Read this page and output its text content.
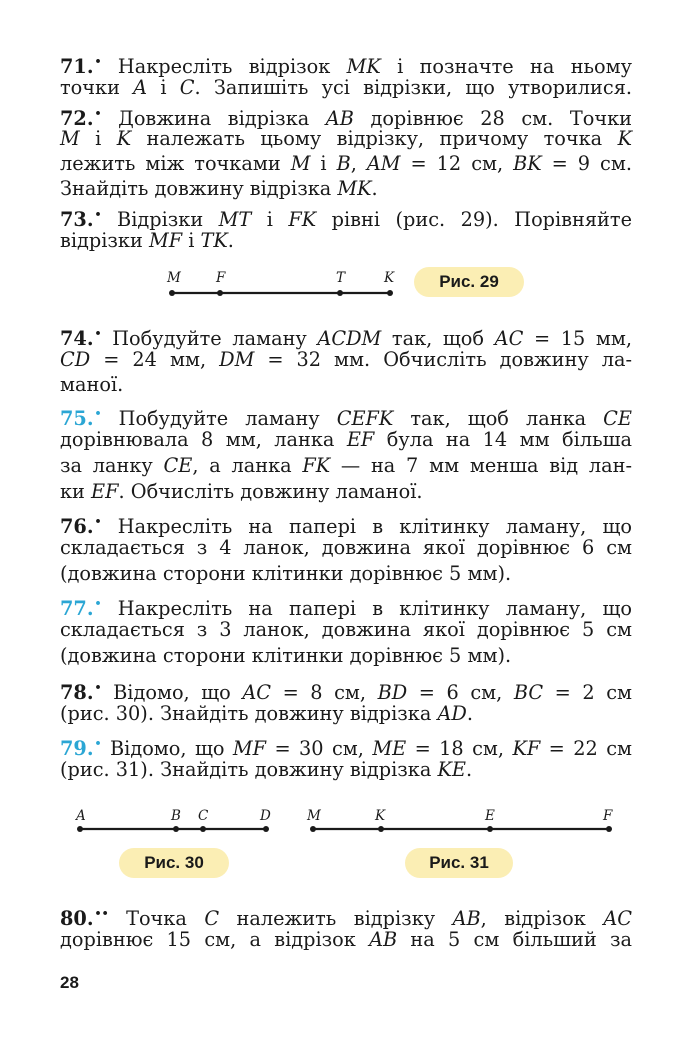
71.• Накресліть відрізок MK і позначте на ньому
точки A і C. Запишіть усі відрізки, що утворилися.
72.• Довжина відрізка AB дорівнює 28 см. Точки
M і K належать цьому відрізку, причому точка K
лежить між точками M і B, AM = 12 см, BK = 9 см.
Знайдіть довжину відрізка MK.
73.• Відрізки MT і FK рівні (рис. 29). Порівняйте
відрізки MF і TK.
M	F	T	K	Рис. 29
74.• Побудуйте ламану ACDM так, щоб AC = 15 мм,
CD = 24 мм, DM = 32 мм. Обчисліть довжину ла-
маної.
75.• Побудуйте ламану CEFK так, щоб ланка CE
дорівнювала 8 мм, ланка EF була на 14 мм більша
за ланку CE, а ланка FK — на 7 мм менша від лан-
ки EF. Обчисліть довжину ламаної.
76.• Накресліть на папері в клітинку ламану, що
складається з 4 ланок, довжина якої дорівнює 6 см
(довжина сторони клітинки дорівнює 5 мм).
77.• Накресліть на папері в клітинку ламану, що
складається з 3 ланок, довжина якої дорівнює 5 см
(довжина сторони клітинки дорівнює 5 мм).
78.• Відомо, що AC = 8 см, BD = 6 см, BC = 2 см
(рис. 30). Знайдіть довжину відрізка AD.
79.• Відомо, що MF = 30 см, ME = 18 см, KF = 22 см
(рис. 31). Знайдіть довжину відрізка KE.
A	B C	D
Рис. 30
M	K	E	F
Рис. 31
80.•• Точка C належить відрізку AB, відрізок AC
дорівнює 15 см, а відрізок AB на 5 см більший за
28
